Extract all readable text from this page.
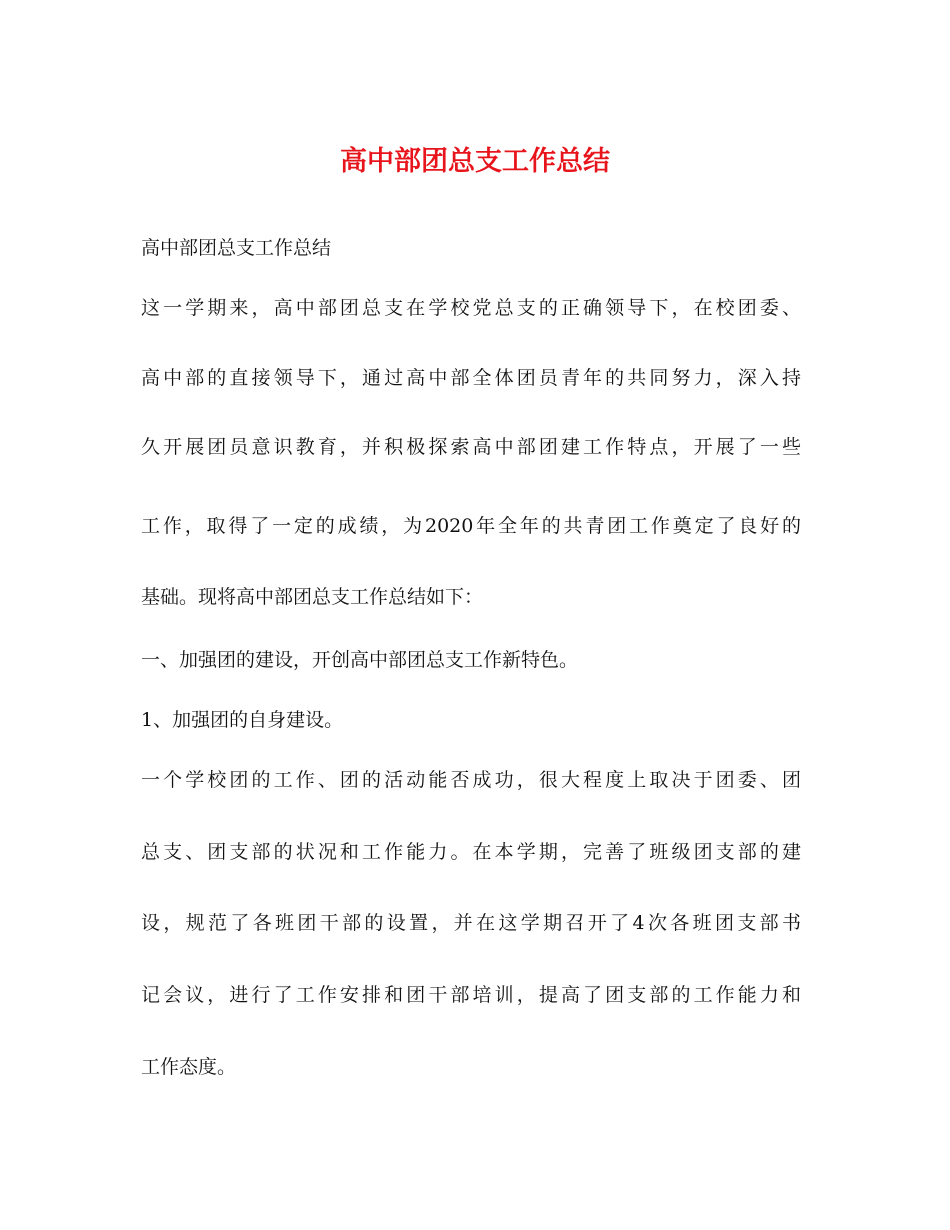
高中部团总支工作总结

高中部团总支工作总结

这一学期来，高中部团总支在学校党总支的正确领导下，在校团委、

高中部的直接领导下，通过高中部全体团员青年的共同努力，深入持

久开展团员意识教育，并积极探索高中部团建工作特点，开展了一些

工作，取得了一定的成绩，为2020年全年的共青团工作奠定了良好的

基础。现将高中部团总支工作总结如下：

一、加强团的建设，开创高中部团总支工作新特色。

1、加强团的自身建设。

一个学校团的工作、团的活动能否成功，很大程度上取决于团委、团

总支、团支部的状况和工作能力。在本学期，完善了班级团支部的建

设，规范了各班团干部的设置，并在这学期召开了4次各班团支部书

记会议，进行了工作安排和团干部培训，提高了团支部的工作能力和

工作态度。
